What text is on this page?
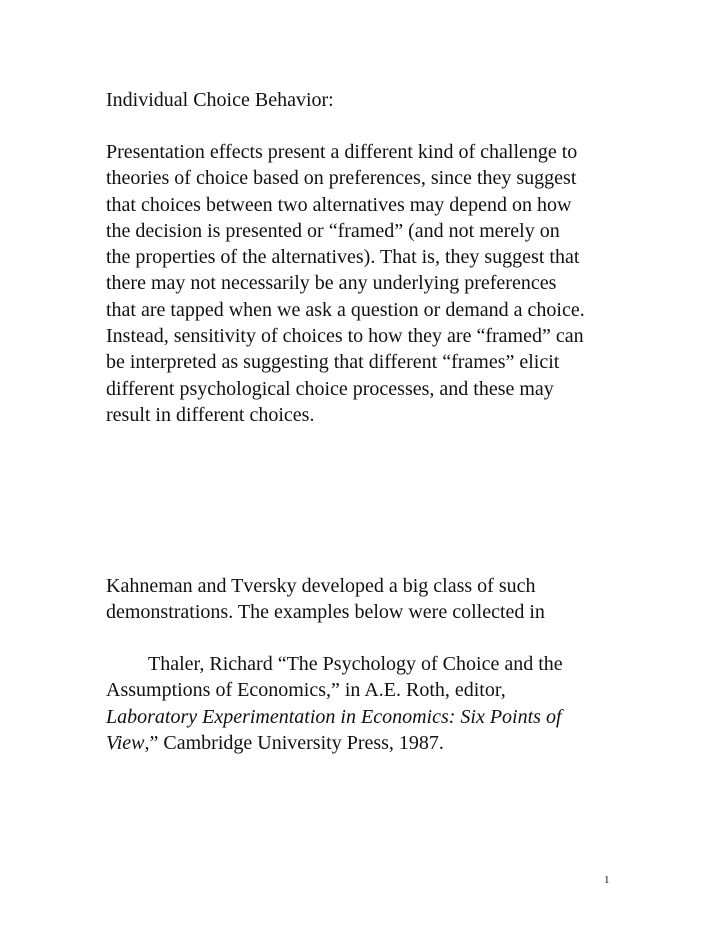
Individual Choice Behavior:

Presentation effects present a different kind of challenge to
theories of choice based on preferences, since they suggest
that choices between two alternatives may depend on how
the decision is presented or “framed” (and not merely on
the properties of the alternatives). That is, they suggest that
there may not necessarily be any underlying preferences
that are tapped when we ask a question or demand a choice.
Instead, sensitivity of choices to how they are “framed” can
be interpreted as suggesting that different “frames” elicit
different psychological choice processes, and these may
result in different choices.

Kahneman and Tversky developed a big class of such
demonstrations. The examples below were collected in

Thaler, Richard “The Psychology of Choice and the
Assumptions of Economics,” in A.E. Roth, editor,
Laboratory Experimentation in Economics: Six Points of
View,” Cambridge University Press, 1987.

1
